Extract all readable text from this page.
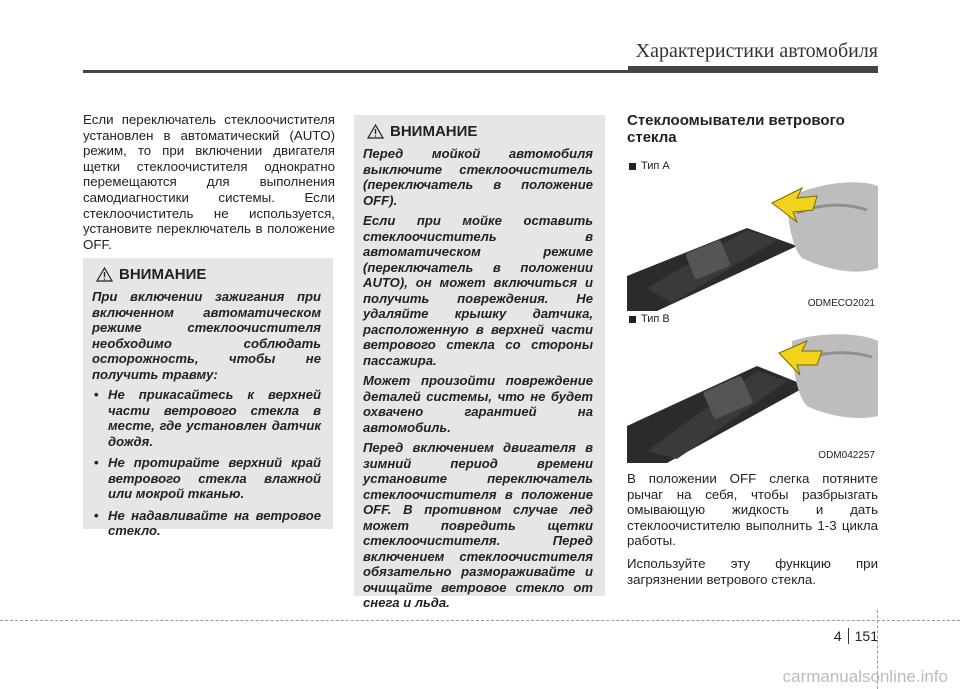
Характеристики автомобиля

Если переключатель стеклоочистителя установлен в автоматический (AUTO) режим, то при включении двигателя щетки стеклоочистителя однократно перемещаются для выполнения самодиагностики системы. Если стеклоочиститель не используется, установите переключатель в положение OFF.

ВНИМАНИЕ

При включении зажигания при включенном автоматическом режиме стеклоочистителя необходимо соблюдать осторожность, чтобы не получить травму:

• Не прикасайтесь к верхней части ветрового стекла в месте, где установлен датчик дождя.
• Не протирайте верхний край ветрового стекла влажной или мокрой тканью.
• Не надавливайте на ветровое стекло.
ВНИМАНИЕ

Перед мойкой автомобиля выключите стеклоочиститель (переключатель в положение OFF).

Если при мойке оставить стеклоочиститель в автоматическом режиме (переключатель в положении AUTO), он может включиться и получить повреждения. Не удаляйте крышку датчика, расположенную в верхней части ветрового стекла со стороны пассажира.

Может произойти повреждение деталей системы, что не будет охвачено гарантией на автомобиль.

Перед включением двигателя в зимний период времени установите переключатель стеклоочистителя в положение OFF. В противном случае лед может повредить щетки стеклоочистителя. Перед включением стеклоочистителя обязательно размораживайте и очищайте ветровое стекло от снега и льда.

Стеклоомыватели ветрового стекла
Тип A
ODMECO2021
Тип B
ODM042257

В положении OFF слегка потяните рычаг на себя, чтобы разбрызгать омывающую жидкость и дать стеклоочистителю выполнить 1-3 цикла работы.

Используйте эту функцию при загрязнении ветрового стекла.

4 151
carmanualsonline.info
